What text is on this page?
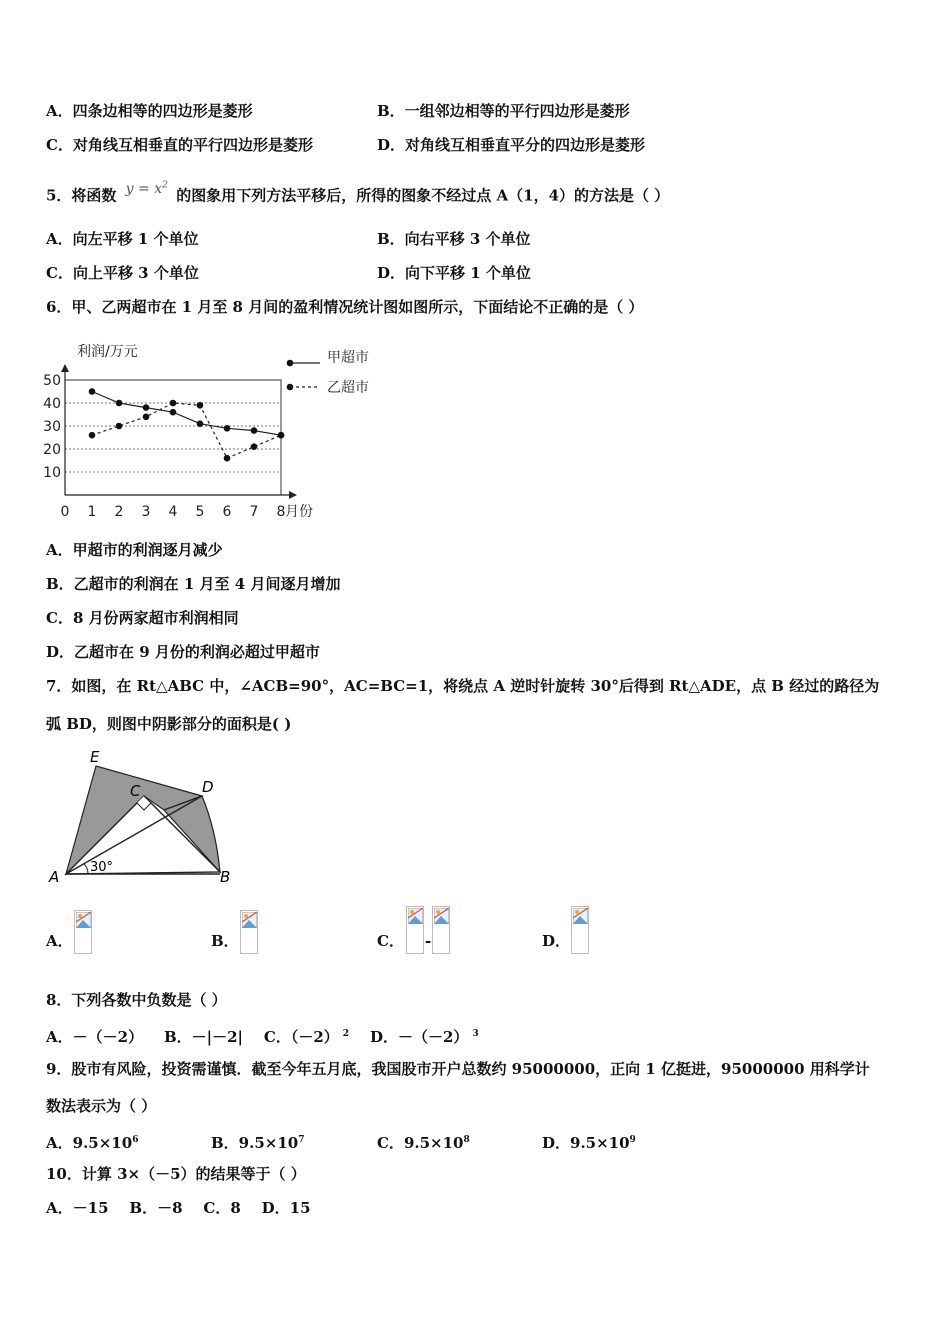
A．四条边相等的四边形是菱形	B．一组邻边相等的平行四边形是菱形
C．对角线互相垂直的平行四边形是菱形	D．对角线互相垂直平分的四边形是菱形
5．将函数 $y = x^2$ 的图象用下列方法平移后，所得的图象不经过点 A（1，4）的方法是（ ）
A．向左平移 1 个单位	B．向右平移 3 个单位
C．向上平移 3 个单位	D．向下平移 1 个单位
6．甲、乙两超市在 1 月至 8 月间的盈利情况统计图如图所示，下面结论不正确的是（ ）
10
20
30
40
50
0 1 2 3 4 5 6 7 8
利润/万元
月份
甲超市
乙超市
A．甲超市的利润逐月减少
B．乙超市的利润在 1 月至 4 月间逐月增加
C．8 月份两家超市利润相同
D．乙超市在 9 月份的利润必超过甲超市
7．如图，在 Rt△ABC 中，∠ACB=90°，AC=BC=1，将绕点 A 逆时针旋转 30°后得到 Rt△ADE，点 B 经过的路径为
弧 BD，则图中阴影部分的面积是( )
E
C	D
A	B
30°
A．	B．	C． -	D．
8．下列各数中负数是（ ）
A．－（－2） B．－|－2| C．（－2） $^2$ D．－（－2） $^3$
9．股市有风险，投资需谨慎．截至今年五月底，我国股市开户总数约 95000000，正向 1 亿挺进，95000000 用科学计
数法表示为（ ）
A．$9.5\times 10^6$	B．$9.5\times 10^7$	C．$9.5\times 10^8$	D．$9.5\times 10^9$
10．计算 3×（－5）的结果等于（ ）
A．－15    B．－8    C．8    D．15
